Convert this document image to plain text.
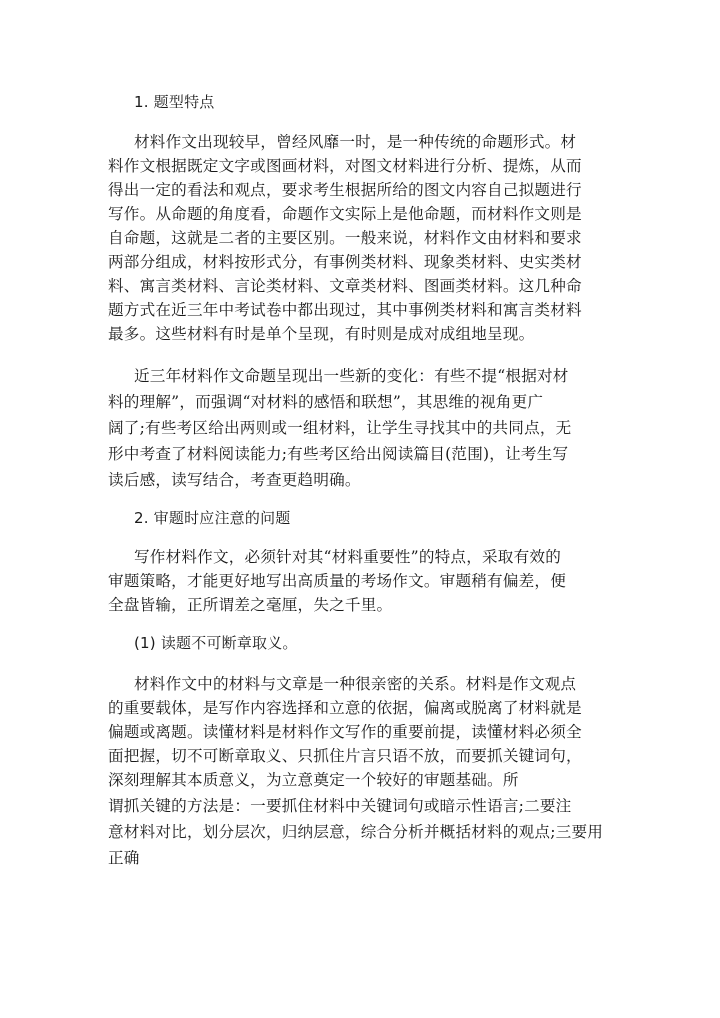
1. 题型特点
材料作文出现较早，曾经风靡一时，是一种传统的命题形式。材
料作文根据既定文字或图画材料，对图文材料进行分析、提炼，从而
得出一定的看法和观点，要求考生根据所给的图文内容自己拟题进行
写作。从命题的角度看，命题作文实际上是他命题，而材料作文则是
自命题，这就是二者的主要区别。一般来说，材料作文由材料和要求
两部分组成，材料按形式分，有事例类材料、现象类材料、史实类材
料、寓言类材料、言论类材料、文章类材料、图画类材料。这几种命
题方式在近三年中考试卷中都出现过，其中事例类材料和寓言类材料
最多。这些材料有时是单个呈现，有时则是成对成组地呈现。
近三年材料作文命题呈现出一些新的变化：有些不提“根据对材
料的理解”，而强调“对材料的感悟和联想”，其思维的视角更广
阔了;有些考区给出两则或一组材料，让学生寻找其中的共同点，无
形中考查了材料阅读能力;有些考区给出阅读篇目(范围)，让考生写
读后感，读写结合，考查更趋明确。
2. 审题时应注意的问题
写作材料作文，必须针对其“材料重要性”的特点，采取有效的
审题策略，才能更好地写出高质量的考场作文。审题稍有偏差，便
全盘皆输，正所谓差之毫厘，失之千里。
(1) 读题不可断章取义。
材料作文中的材料与文章是一种很亲密的关系。材料是作文观点
的重要载体，是写作内容选择和立意的依据，偏离或脱离了材料就是
偏题或离题。读懂材料是材料作文写作的重要前提，读懂材料必须全
面把握，切不可断章取义、只抓住片言只语不放，而要抓关键词句，
深刻理解其本质意义，为立意奠定一个较好的审题基础。所
谓抓关键的方法是：一要抓住材料中关键词句或暗示性语言;二要注
意材料对比，划分层次，归纳层意，综合分析并概括材料的观点;三要用
正确
